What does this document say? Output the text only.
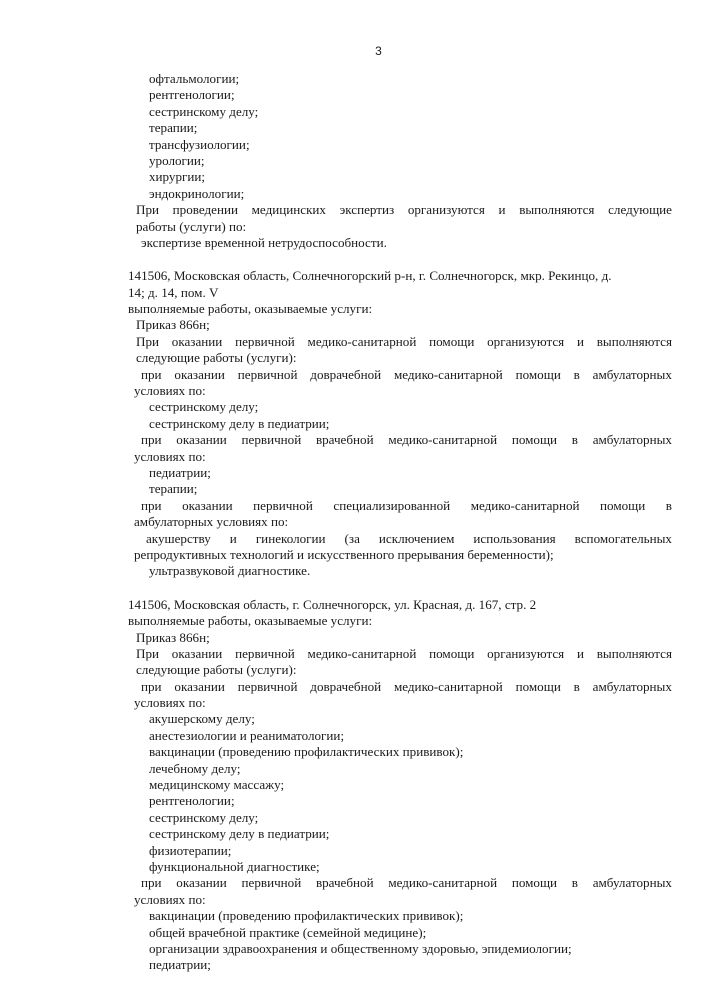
3
офтальмологии;
рентгенологии;
сестринскому делу;
терапии;
трансфузиологии;
урологии;
хирургии;
эндокринологии;
При проведении медицинских экспертиз организуются и выполняются следующие
работы (услуги) по:
экспертизе временной нетрудоспособности.
141506, Московская область, Солнечногорский р-н, г. Солнечногорск, мкр. Рекинцо, д.
14; д. 14, пом. V
выполняемые работы, оказываемые услуги:
Приказ 866н;
При оказании первичной медико-санитарной помощи организуются и выполняются
следующие работы (услуги):
при оказании первичной доврачебной медико-санитарной помощи в амбулаторных
условиях по:
сестринскому делу;
сестринскому делу в педиатрии;
при оказании первичной врачебной медико-санитарной помощи в амбулаторных
условиях по:
педиатрии;
терапии;
при оказании первичной специализированной медико-санитарной помощи в
амбулаторных условиях по:
акушерству и гинекологии (за исключением использования вспомогательных
репродуктивных технологий и искусственного прерывания беременности);
ультразвуковой диагностике.
141506, Московская область, г. Солнечногорск, ул. Красная, д. 167, стр. 2
выполняемые работы, оказываемые услуги:
Приказ 866н;
При оказании первичной медико-санитарной помощи организуются и выполняются
следующие работы (услуги):
при оказании первичной доврачебной медико-санитарной помощи в амбулаторных
условиях по:
акушерскому делу;
анестезиологии и реаниматологии;
вакцинации (проведению профилактических прививок);
лечебному делу;
медицинскому массажу;
рентгенологии;
сестринскому делу;
сестринскому делу в педиатрии;
физиотерапии;
функциональной диагностике;
при оказании первичной врачебной медико-санитарной помощи в амбулаторных
условиях по:
вакцинации (проведению профилактических прививок);
общей врачебной практике (семейной медицине);
организации здравоохранения и общественному здоровью, эпидемиологии;
педиатрии;
